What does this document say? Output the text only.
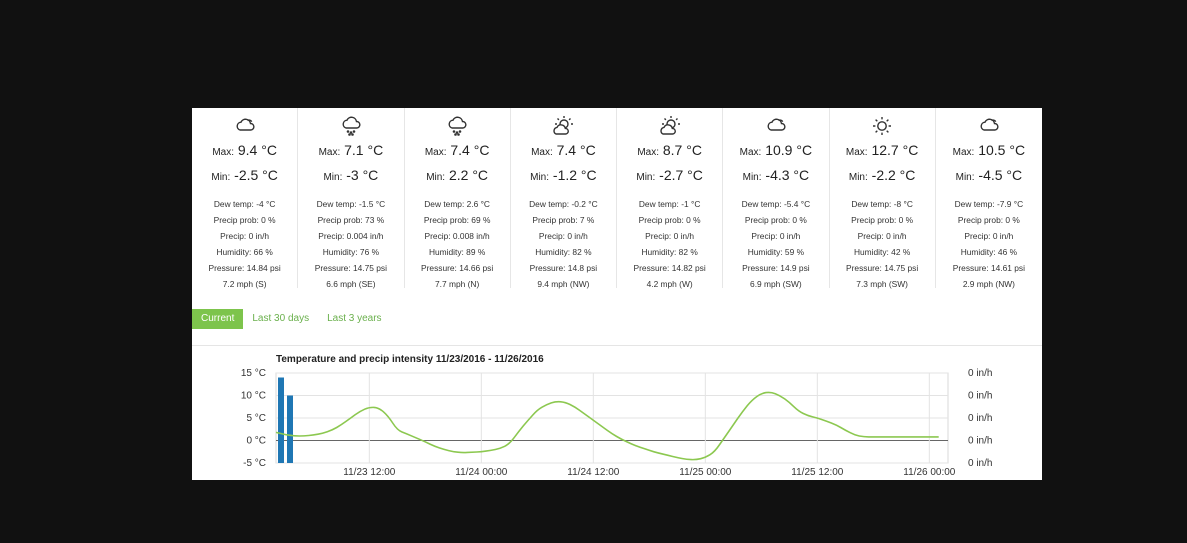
Max: 9.4 °C
Min: -2.5 °C
Dew temp: -4 °C
Precip prob: 0 %
Precip: 0 in/h
Humidity: 66 %
Pressure: 14.84 psi
7.2 mph (S)
Max: 7.1 °C
Min: -3 °C
Dew temp: -1.5 °C
Precip prob: 73 %
Precip: 0.004 in/h
Humidity: 76 %
Pressure: 14.75 psi
6.6 mph (SE)
Max: 7.4 °C
Min: 2.2 °C
Dew temp: 2.6 °C
Precip prob: 69 %
Precip: 0.008 in/h
Humidity: 89 %
Pressure: 14.66 psi
7.7 mph (N)
Max: 7.4 °C
Min: -1.2 °C
Dew temp: -0.2 °C
Precip prob: 7 %
Precip: 0 in/h
Humidity: 82 %
Pressure: 14.8 psi
9.4 mph (NW)
Max: 8.7 °C
Min: -2.7 °C
Dew temp: -1 °C
Precip prob: 0 %
Precip: 0 in/h
Humidity: 82 %
Pressure: 14.82 psi
4.2 mph (W)
Max: 10.9 °C
Min: -4.3 °C
Dew temp: -5.4 °C
Precip prob: 0 %
Precip: 0 in/h
Humidity: 59 %
Pressure: 14.9 psi
6.9 mph (SW)
Max: 12.7 °C
Min: -2.2 °C
Dew temp: -8 °C
Precip prob: 0 %
Precip: 0 in/h
Humidity: 42 %
Pressure: 14.75 psi
7.3 mph (SW)
Max: 10.5 °C
Min: -4.5 °C
Dew temp: -7.9 °C
Precip prob: 0 %
Precip: 0 in/h
Humidity: 46 %
Pressure: 14.61 psi
2.9 mph (NW)
Current	Last 30 days	Last 3 years
Temperature and precip intensity 11/23/2016 - 11/26/2016
15 °C	0 in/h
10 °C	0 in/h
5 °C	0 in/h
0 °C	0 in/h
-5 °C	0 in/h
11/23 12:00	11/24 00:00	11/24 12:00	11/25 00:00	11/25 12:00	11/26 00:00
